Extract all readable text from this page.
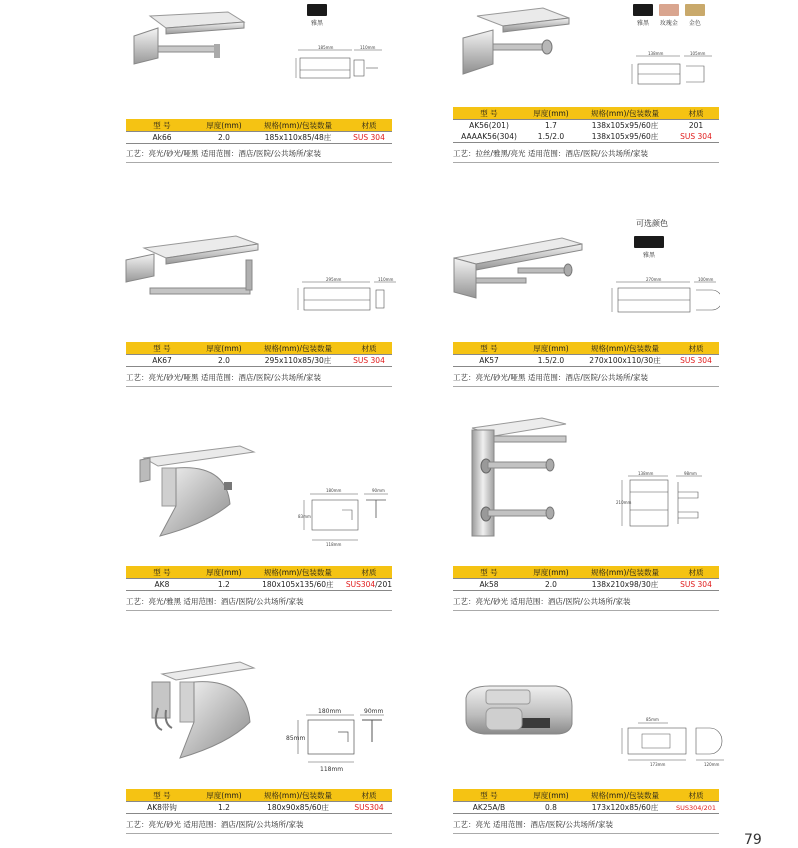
雅黑
185mm	110mm
型 号	厚度(mm)	规格(mm)/包装数量	材质
Ak66	2.0	185x110x85/48庄	SUS 304
工艺：亮光/砂光/哑黑 适用范围：酒店/医院/公共场所/家装
雅黑 玫瑰金 金色
138mm	105mm
型 号	厚度(mm)	规格(mm)/包装数量	材质
AK56(201)	1.7	138x105x95/60庄	201
AAAAK56(304)	1.5/2.0	138x105x95/60庄	SUS 304
工艺：拉丝/雅黑/亮光 适用范围：酒店/医院/公共场所/家装
295mm	110mm
型 号	厚度(mm)	规格(mm)/包装数量	材质
AK67	2.0	295x110x85/30庄	SUS 304
工艺：亮光/砂光/哑黑 适用范围：酒店/医院/公共场所/家装
可选颜色
雅黑
270mm	100mm
型 号	厚度(mm)	规格(mm)/包装数量	材质
AK57	1.5/2.0	270x100x110/30庄	SUS 304
工艺：亮光/砂光/哑黑 适用范围：酒店/医院/公共场所/家装
180mm	90mm
83mm
118mm
型 号	厚度(mm)	规格(mm)/包装数量	材质
AK8	1.2	180x105x135/60庄	SUS304/201
工艺：亮光/雅黑 适用范围：酒店/医院/公共场所/家装
138mm	98mm
210mm
型 号	厚度(mm)	规格(mm)/包装数量	材质
Ak58	2.0	138x210x98/30庄	SUS 304
工艺：亮光/砂光 适用范围：酒店/医院/公共场所/家装
180mm	90mm
85mm
118mm
型 号	厚度(mm)	规格(mm)/包装数量	材质
AK8带钩	1.2	180x90x85/60庄	SUS304
工艺：亮光/砂光 适用范围：酒店/医院/公共场所/家装
85mm
173mm	120mm
型 号	厚度(mm)	规格(mm)/包装数量	材质
AK25A/B	0.8	173x120x85/60庄	SUS304/201
工艺：亮光 适用范围：酒店/医院/公共场所/家装
79
